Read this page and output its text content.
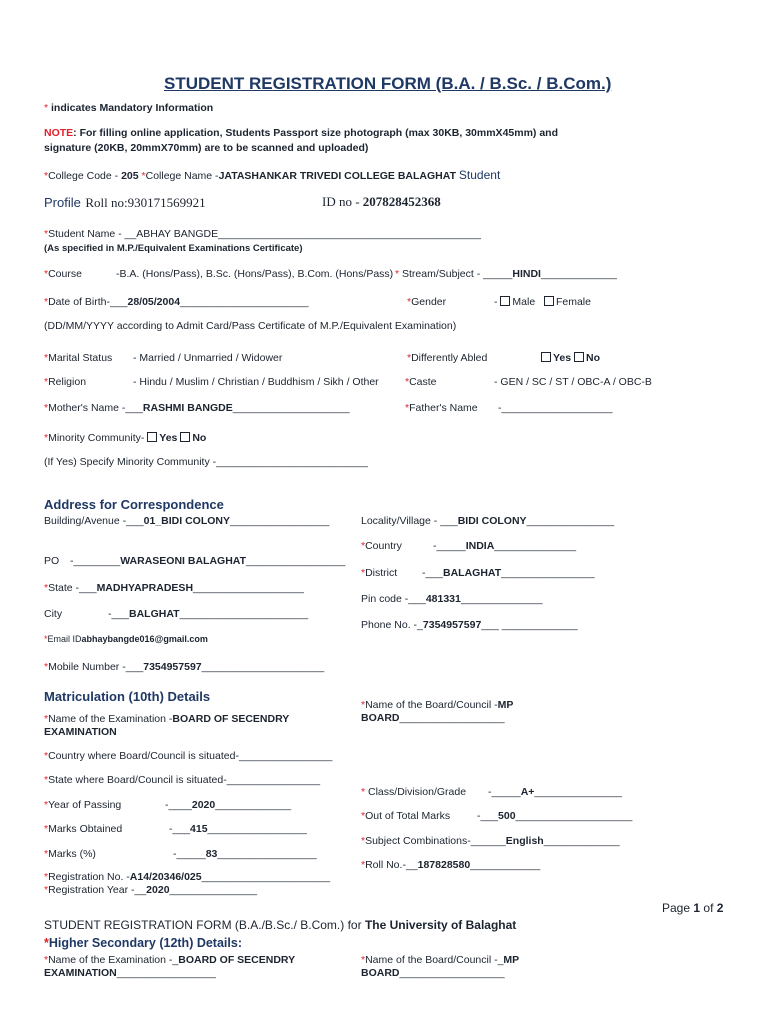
STUDENT REGISTRATION FORM (B.A. / B.Sc. / B.Com.)
* indicates Mandatory Information
NOTE: For filling online application, Students Passport size photograph (max 30KB, 30mmX45mm) and
signature (20KB, 20mmX70mm) are to be scanned and uploaded)
*College Code - 205 *College Name -JATASHANKAR TRIVEDI COLLEGE BALAGHAT Student
Profile Roll no:930171569921	ID no - 207828452368
*Student Name - __ABHAY BANGDE_____________________________________________
(As specified in M.P./Equivalent Examinations Certificate)
*Course	-B.A. (Hons/Pass), B.Sc. (Hons/Pass), B.Com. (Hons/Pass) * Stream/Subject - _____HINDI_____________
*Date of Birth-___28/05/2004______________________	*Gender	- Male Female
(DD/MM/YYYY according to Admit Card/Pass Certificate of M.P./Equivalent Examination)
*Marital Status - Married / Unmarried / Widower	*Differently Abled	Yes No
*Religion	- Hindu / Muslim / Christian / Buddhism / Sikh / Other	*Caste	- GEN / SC / ST / OBC-A / OBC-B
*Mother's Name -___RASHMI BANGDE____________________	*Father's Name -___________________
*Minority Community- Yes No
(If Yes) Specify Minority Community -__________________________
Address for Correspondence
Building/Avenue -___01_BIDI COLONY_________________	Locality/Village - ___BIDI COLONY_______________
*Country	-_____INDIA______________
PO -________WARASEONI BALAGHAT_________________
*District -___BALAGHAT________________
*State -___MADHYAPRADESH___________________
Pin code -___481331______________
City	-___BALGHAT______________________
Phone No. -_7354957597___ _____________
*Email IDabhaybangde016@gmail.com
*Mobile Number -___7354957597_____________________
Matriculation (10th) Details
*Name of the Examination -BOARD OF SECENDRY
EXAMINATION
*Name of the Board/Council -MP
BOARD__________________
*Country where Board/Council is situated-________________
*State where Board/Council is situated-________________
* Class/Division/Grade -_____A+_______________
*Year of Passing	-____2020_____________
*Out of Total Marks	-___500____________________
*Marks Obtained	-___415_________________
*Subject Combinations-______English_____________
*Marks (%)	-_____83_________________
*Roll No.-__187828580____________
*Registration No. -A14/20346/025______________________
*Registration Year -__2020_______________
Page 1 of 2
STUDENT REGISTRATION FORM (B.A./B.Sc./ B.Com.) for The University of Balaghat
*Higher Secondary (12th) Details:
*Name of the Examination -_BOARD OF SECENDRY
EXAMINATION_________________
*Name of the Board/Council -_MP
BOARD__________________
